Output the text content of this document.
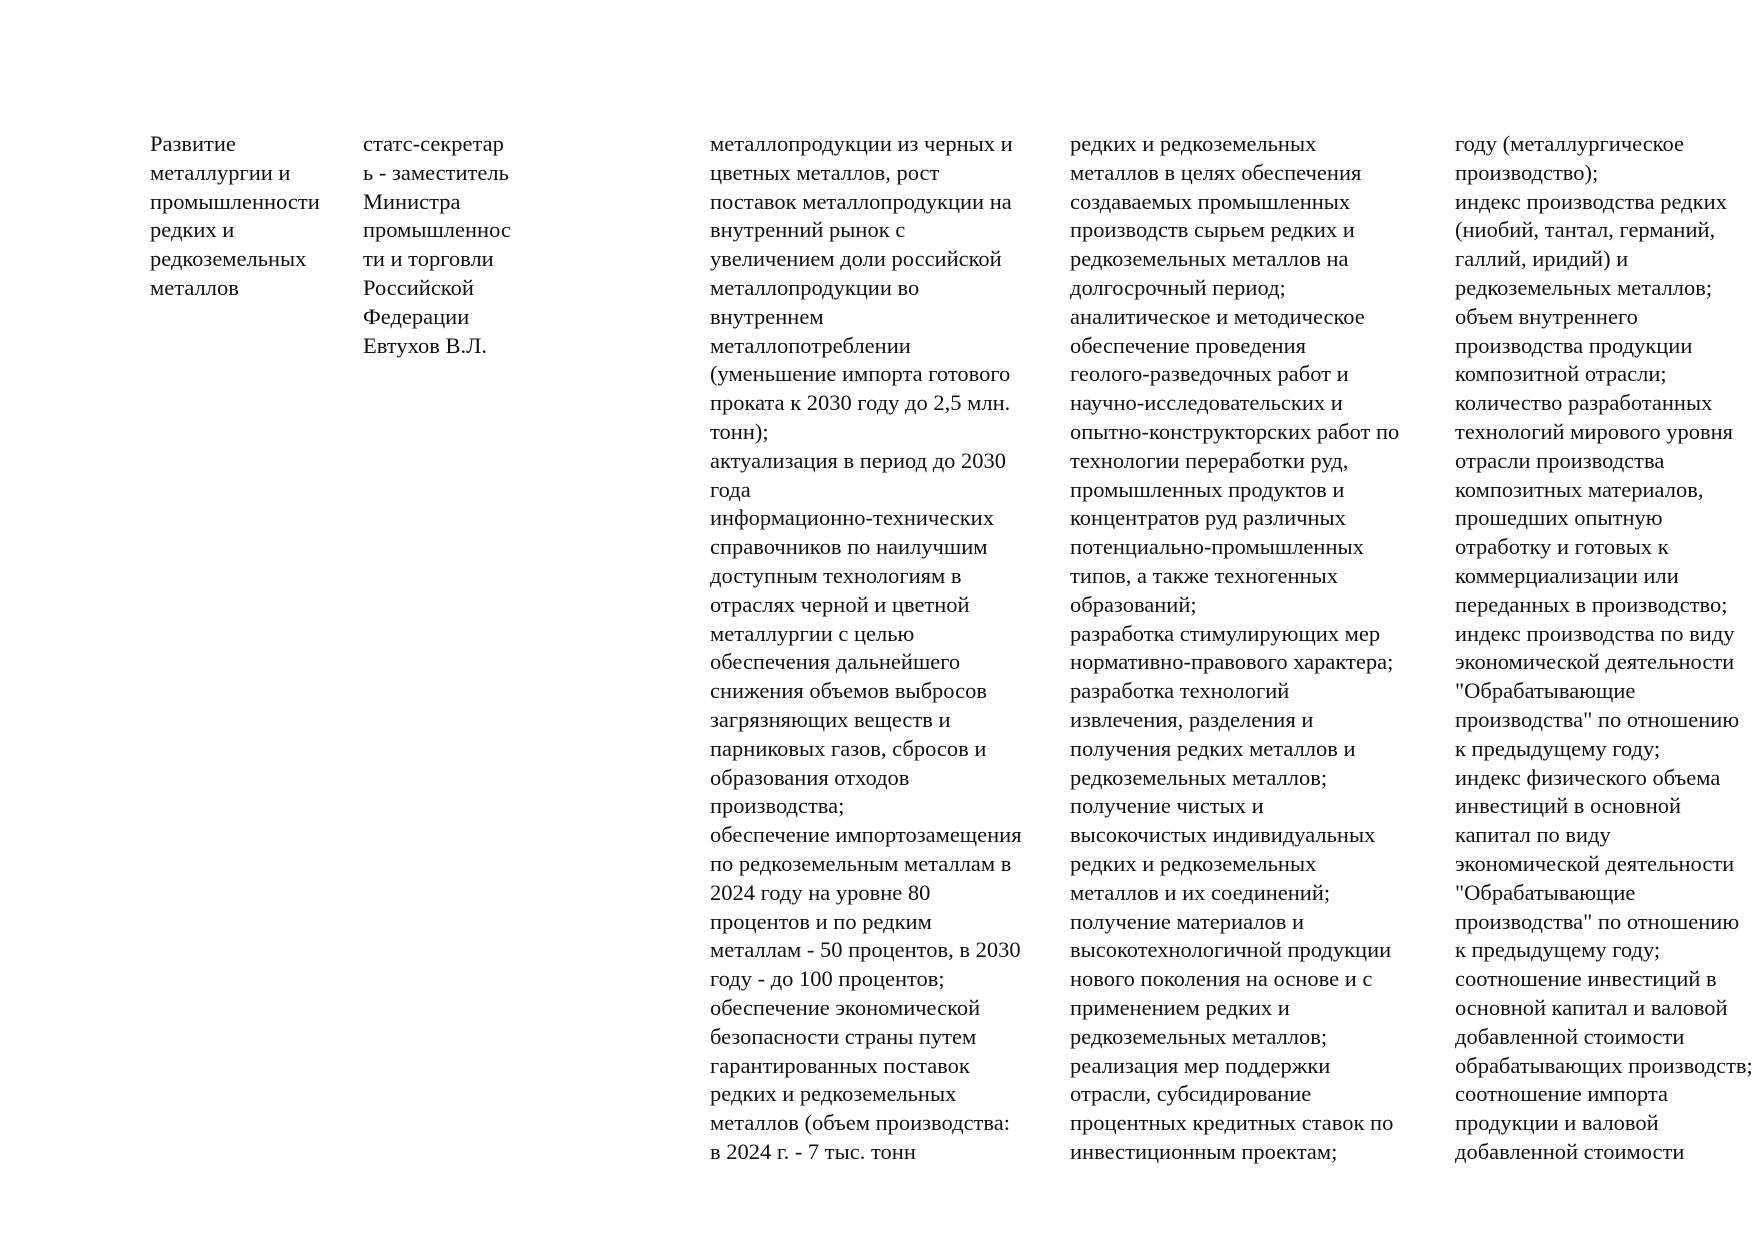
Развитие
металлургии и
промышленности
редких и
редкоземельных
металлов
статс-секретар
ь - заместитель
Министра
промышленнос
ти и торговли
Российской
Федерации
Евтухов В.Л.
металлопродукции из черных и
цветных металлов, рост
поставок металлопродукции на
внутренний рынок с
увеличением доли российской
металлопродукции во
внутреннем
металлопотреблении
(уменьшение импорта готового
проката к 2030 году до 2,5 млн.
тонн);
актуализация в период до 2030
года
информационно-технических
справочников по наилучшим
доступным технологиям в
отраслях черной и цветной
металлургии с целью
обеспечения дальнейшего
снижения объемов выбросов
загрязняющих веществ и
парниковых газов, сбросов и
образования отходов
производства;
обеспечение импортозамещения
по редкоземельным металлам в
2024 году на уровне 80
процентов и по редким
металлам - 50 процентов, в 2030
году - до 100 процентов;
обеспечение экономической
безопасности страны путем
гарантированных поставок
редких и редкоземельных
металлов (объем производства:
в 2024 г. - 7 тыс. тонн
редких и редкоземельных
металлов в целях обеспечения
создаваемых промышленных
производств сырьем редких и
редкоземельных металлов на
долгосрочный период;
аналитическое и методическое
обеспечение проведения
геолого-разведочных работ и
научно-исследовательских и
опытно-конструкторских работ по
технологии переработки руд,
промышленных продуктов и
концентратов руд различных
потенциально-промышленных
типов, а также техногенных
образований;
разработка стимулирующих мер
нормативно-правового характера;
разработка технологий
извлечения, разделения и
получения редких металлов и
редкоземельных металлов;
получение чистых и
высокочистых индивидуальных
редких и редкоземельных
металлов и их соединений;
получение материалов и
высокотехнологичной продукции
нового поколения на основе и с
применением редких и
редкоземельных металлов;
реализация мер поддержки
отрасли, субсидирование
процентных кредитных ставок по
инвестиционным проектам;
году (металлургическое
производство);
индекс производства редких
(ниобий, тантал, германий,
галлий, иридий) и
редкоземельных металлов;
объем внутреннего
производства продукции
композитной отрасли;
количество разработанных
технологий мирового уровня
отрасли производства
композитных материалов,
прошедших опытную
отработку и готовых к
коммерциализации или
переданных в производство;
индекс производства по виду
экономической деятельности
"Обрабатывающие
производства" по отношению
к предыдущему году;
индекс физического объема
инвестиций в основной
капитал по виду
экономической деятельности
"Обрабатывающие
производства" по отношению
к предыдущему году;
соотношение инвестиций в
основной капитал и валовой
добавленной стоимости
обрабатывающих производств;
соотношение импорта
продукции и валовой
добавленной стоимости
